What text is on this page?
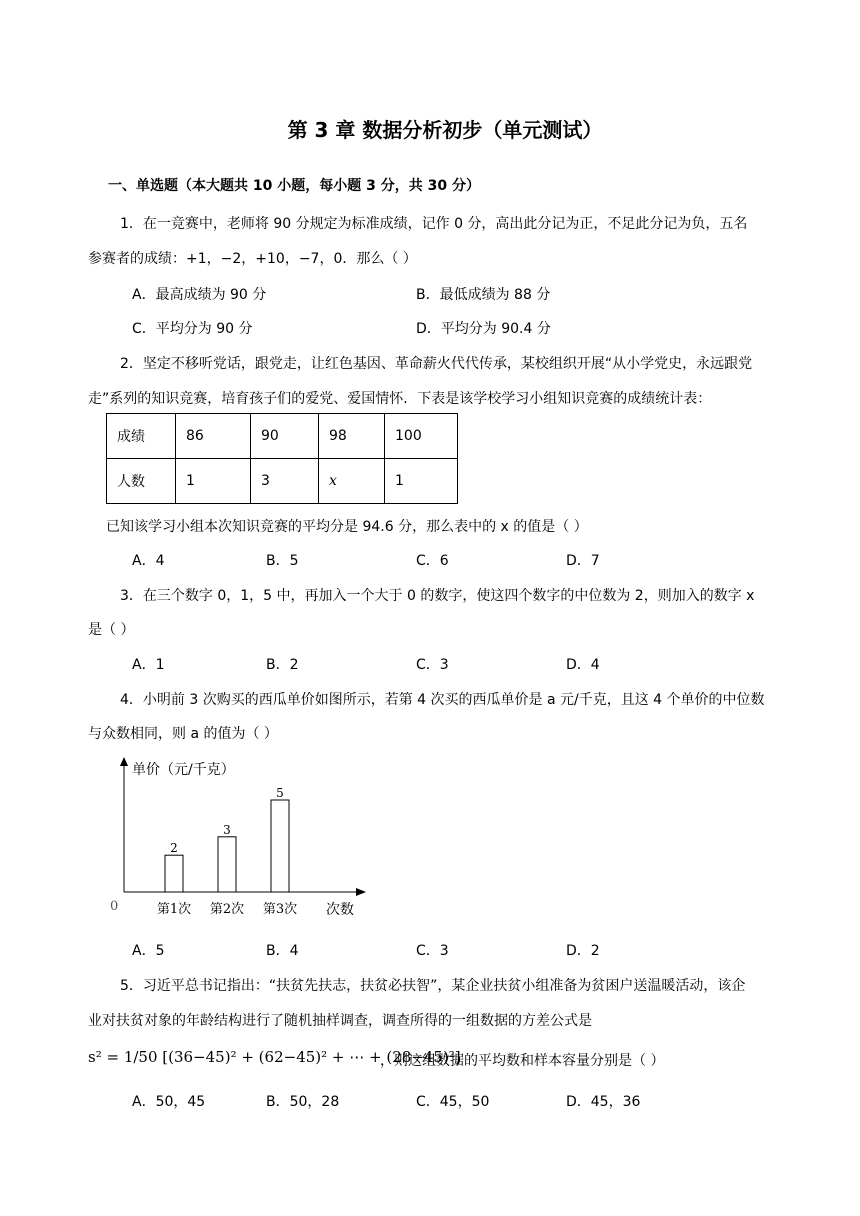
第 3 章 数据分析初步（单元测试）
一、单选题（本大题共 10 小题，每小题 3 分，共 30 分）
1．在一竞赛中，老师将 90 分规定为标准成绩，记作 0 分，高出此分记为正，不足此分记为负，五名
参赛者的成绩：+1，−2，+10，−7，0．那么（ ）
A．最高成绩为 90 分	B．最低成绩为 88 分
C．平均分为 90 分	D．平均分为 90.4 分
2．坚定不移听党话，跟党走，让红色基因、革命薪火代代传承，某校组织开展“从小学党史，永远跟党
走”系列的知识竞赛，培育孩子们的爱党、爱国情怀．下表是该学校学习小组知识竞赛的成绩统计表：
成绩	86	90	98	100
人数	1	3	x	1
已知该学习小组本次知识竞赛的平均分是 94.6 分，那么表中的 x 的值是（ ）
A．4	B．5	C．6	D．7
3．在三个数字 0，1，5 中，再加入一个大于 0 的数字，使这四个数字的中位数为 2，则加入的数字 x
是（ ）
A．1	B．2	C．3	D．4
4．小明前 3 次购买的西瓜单价如图所示，若第 4 次买的西瓜单价是 a 元/千克，且这 4 个单价的中位数
与众数相同，则 a 的值为（ ）
单价（元/千克）
0	次数
2
第1次
3
第2次
5
第3次
A．5	B．4	C．3	D．2
5．习近平总书记指出：“扶贫先扶志，扶贫必扶智”，某企业扶贫小组准备为贫困户送温暖活动，该企
业对扶贫对象的年龄结构进行了随机抽样调查，调查所得的一组数据的方差公式是
s² = 1/50 [(36−45)² + (62−45)² + ⋯ + (28−45)²]
，则这组数据的平均数和样本容量分别是（ ）
A．50，45	B．50，28	C．45，50	D．45，36
